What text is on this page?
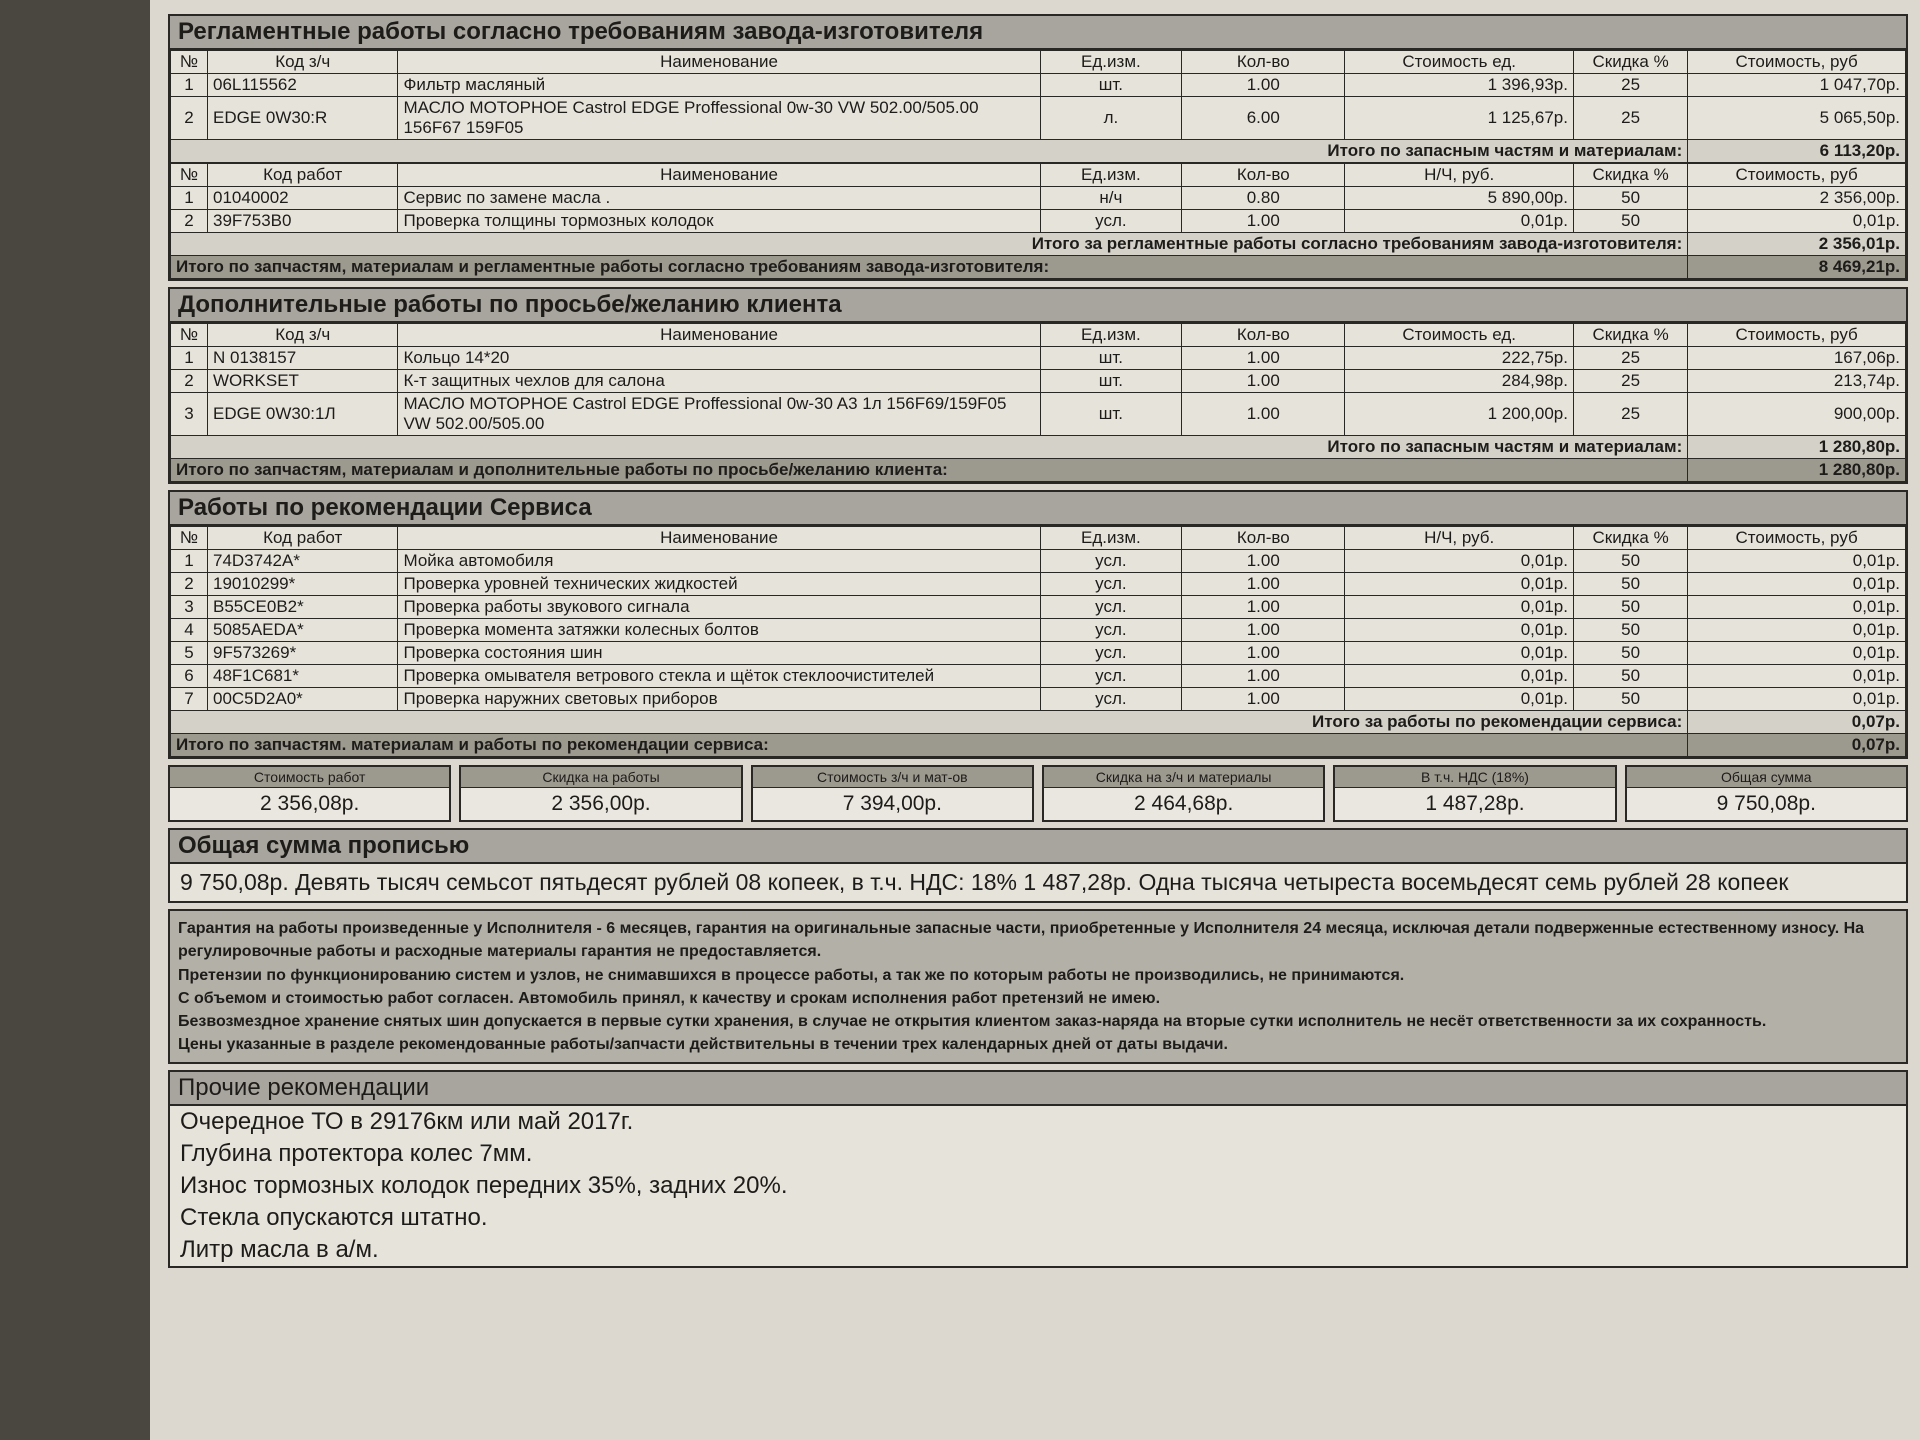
Регламентные работы согласно требованиям завода-изготовителя
№	Код з/ч	Наименование	Ед.изм.	Кол-во	Стоимость ед.	Скидка %	Стоимость, руб
1	06L115562	Фильтр масляный	шт.	1.00	1 396,93р.	25	1 047,70р.
2	EDGE 0W30:R	МАСЛО МОТОРНОЕ Castrol EDGE Proffessional 0w-30 VW 502.00/505.00 156F67 159F05	л.	6.00	1 125,67р.	25	5 065,50р.
Итого по запасным частям и материалам:							6 113,20р.
№	Код работ	Наименование	Ед.изм.	Кол-во	Н/Ч, руб.	Скидка %	Стоимость, руб
1	01040002	Сервис по замене масла .	н/ч	0.80	5 890,00р.	50	2 356,00р.
2	39F753B0	Проверка толщины тормозных колодок	усл.	1.00	0,01р.	50	0,01р.
Итого за регламентные работы согласно требованиям завода-изготовителя:							2 356,01р.
Итого по запчастям, материалам и регламентные работы согласно требованиям завода-изготовителя:							8 469,21р.
Дополнительные работы по просьбе/желанию клиента
№	Код з/ч	Наименование	Ед.изм.	Кол-во	Стоимость ед.	Скидка %	Стоимость, руб
1	N 0138157	Кольцо 14*20	шт.	1.00	222,75р.	25	167,06р.
2	WORKSET	К-т защитных чехлов для салона	шт.	1.00	284,98р.	25	213,74р.
3	EDGE 0W30:1Л	МАСЛО МОТОРНОЕ Castrol EDGE Proffessional 0w-30 A3 1л 156F69/159F05 VW 502.00/505.00	шт.	1.00	1 200,00р.	25	900,00р.
Итого по запасным частям и материалам:							1 280,80р.
Итого по запчастям, материалам и дополнительные работы по просьбе/желанию клиента:							1 280,80р.
Работы по рекомендации Сервиса
№	Код работ	Наименование	Ед.изм.	Кол-во	Н/Ч, руб.	Скидка %	Стоимость, руб
1	74D3742A*	Мойка автомобиля	усл.	1.00	0,01р.	50	0,01р.
2	19010299*	Проверка уровней технических жидкостей	усл.	1.00	0,01р.	50	0,01р.
3	B55CE0B2*	Проверка работы звукового сигнала	усл.	1.00	0,01р.	50	0,01р.
4	5085AEDA*	Проверка момента затяжки колесных болтов	усл.	1.00	0,01р.	50	0,01р.
5	9F573269*	Проверка состояния шин	усл.	1.00	0,01р.	50	0,01р.
6	48F1C681*	Проверка омывателя ветрового стекла и щёток стеклоочистителей	усл.	1.00	0,01р.	50	0,01р.
7	00C5D2A0*	Проверка наружних световых приборов	усл.	1.00	0,01р.	50	0,01р.
Итого за работы по рекомендации сервиса:							0,07р.
Итого по запчастям. материалам и работы по рекомендации сервиса:							0,07р.
Стоимость работ
2 356,08р.
Скидка на работы
2 356,00р.
Стоимость з/ч и мат-ов
7 394,00р.
Скидка на з/ч и материалы
2 464,68р.
В т.ч. НДС (18%)
1 487,28р.
Общая сумма
9 750,08р.
Общая сумма прописью
9 750,08р. Девять тысяч семьсот пятьдесят рублей 08 копеек, в т.ч. НДС: 18% 1 487,28р. Одна тысяча четыреста восемьдесят семь рублей 28 копеек
Гарантия на работы произведенные у Исполнителя - 6 месяцев, гарантия на оригинальные запасные части, приобретенные у Исполнителя 24 месяца, исключая детали подверженные естественному износу. На регулировочные работы и расходные материалы гарантия не предоставляется.
Претензии по функционированию систем и узлов, не снимавшихся в процессе работы, а так же по которым работы не производились, не принимаются.
С объемом и стоимостью работ согласен. Автомобиль принял, к качеству и срокам исполнения работ претензий не имею.
Безвозмездное хранение снятых шин допускается в первые сутки хранения, в случае не открытия клиентом заказ-наряда на вторые сутки исполнитель не несёт ответственности за их сохранность.
Цены указанные в разделе рекомендованные работы/запчасти действительны в течении трех календарных дней от даты выдачи.
Прочие рекомендации
Очередное ТО в 29176км или май 2017г.
Глубина протектора колес 7мм.
Износ тормозных колодок передних 35%, задних 20%.
Стекла опускаются штатно.
Литр масла в а/м.
